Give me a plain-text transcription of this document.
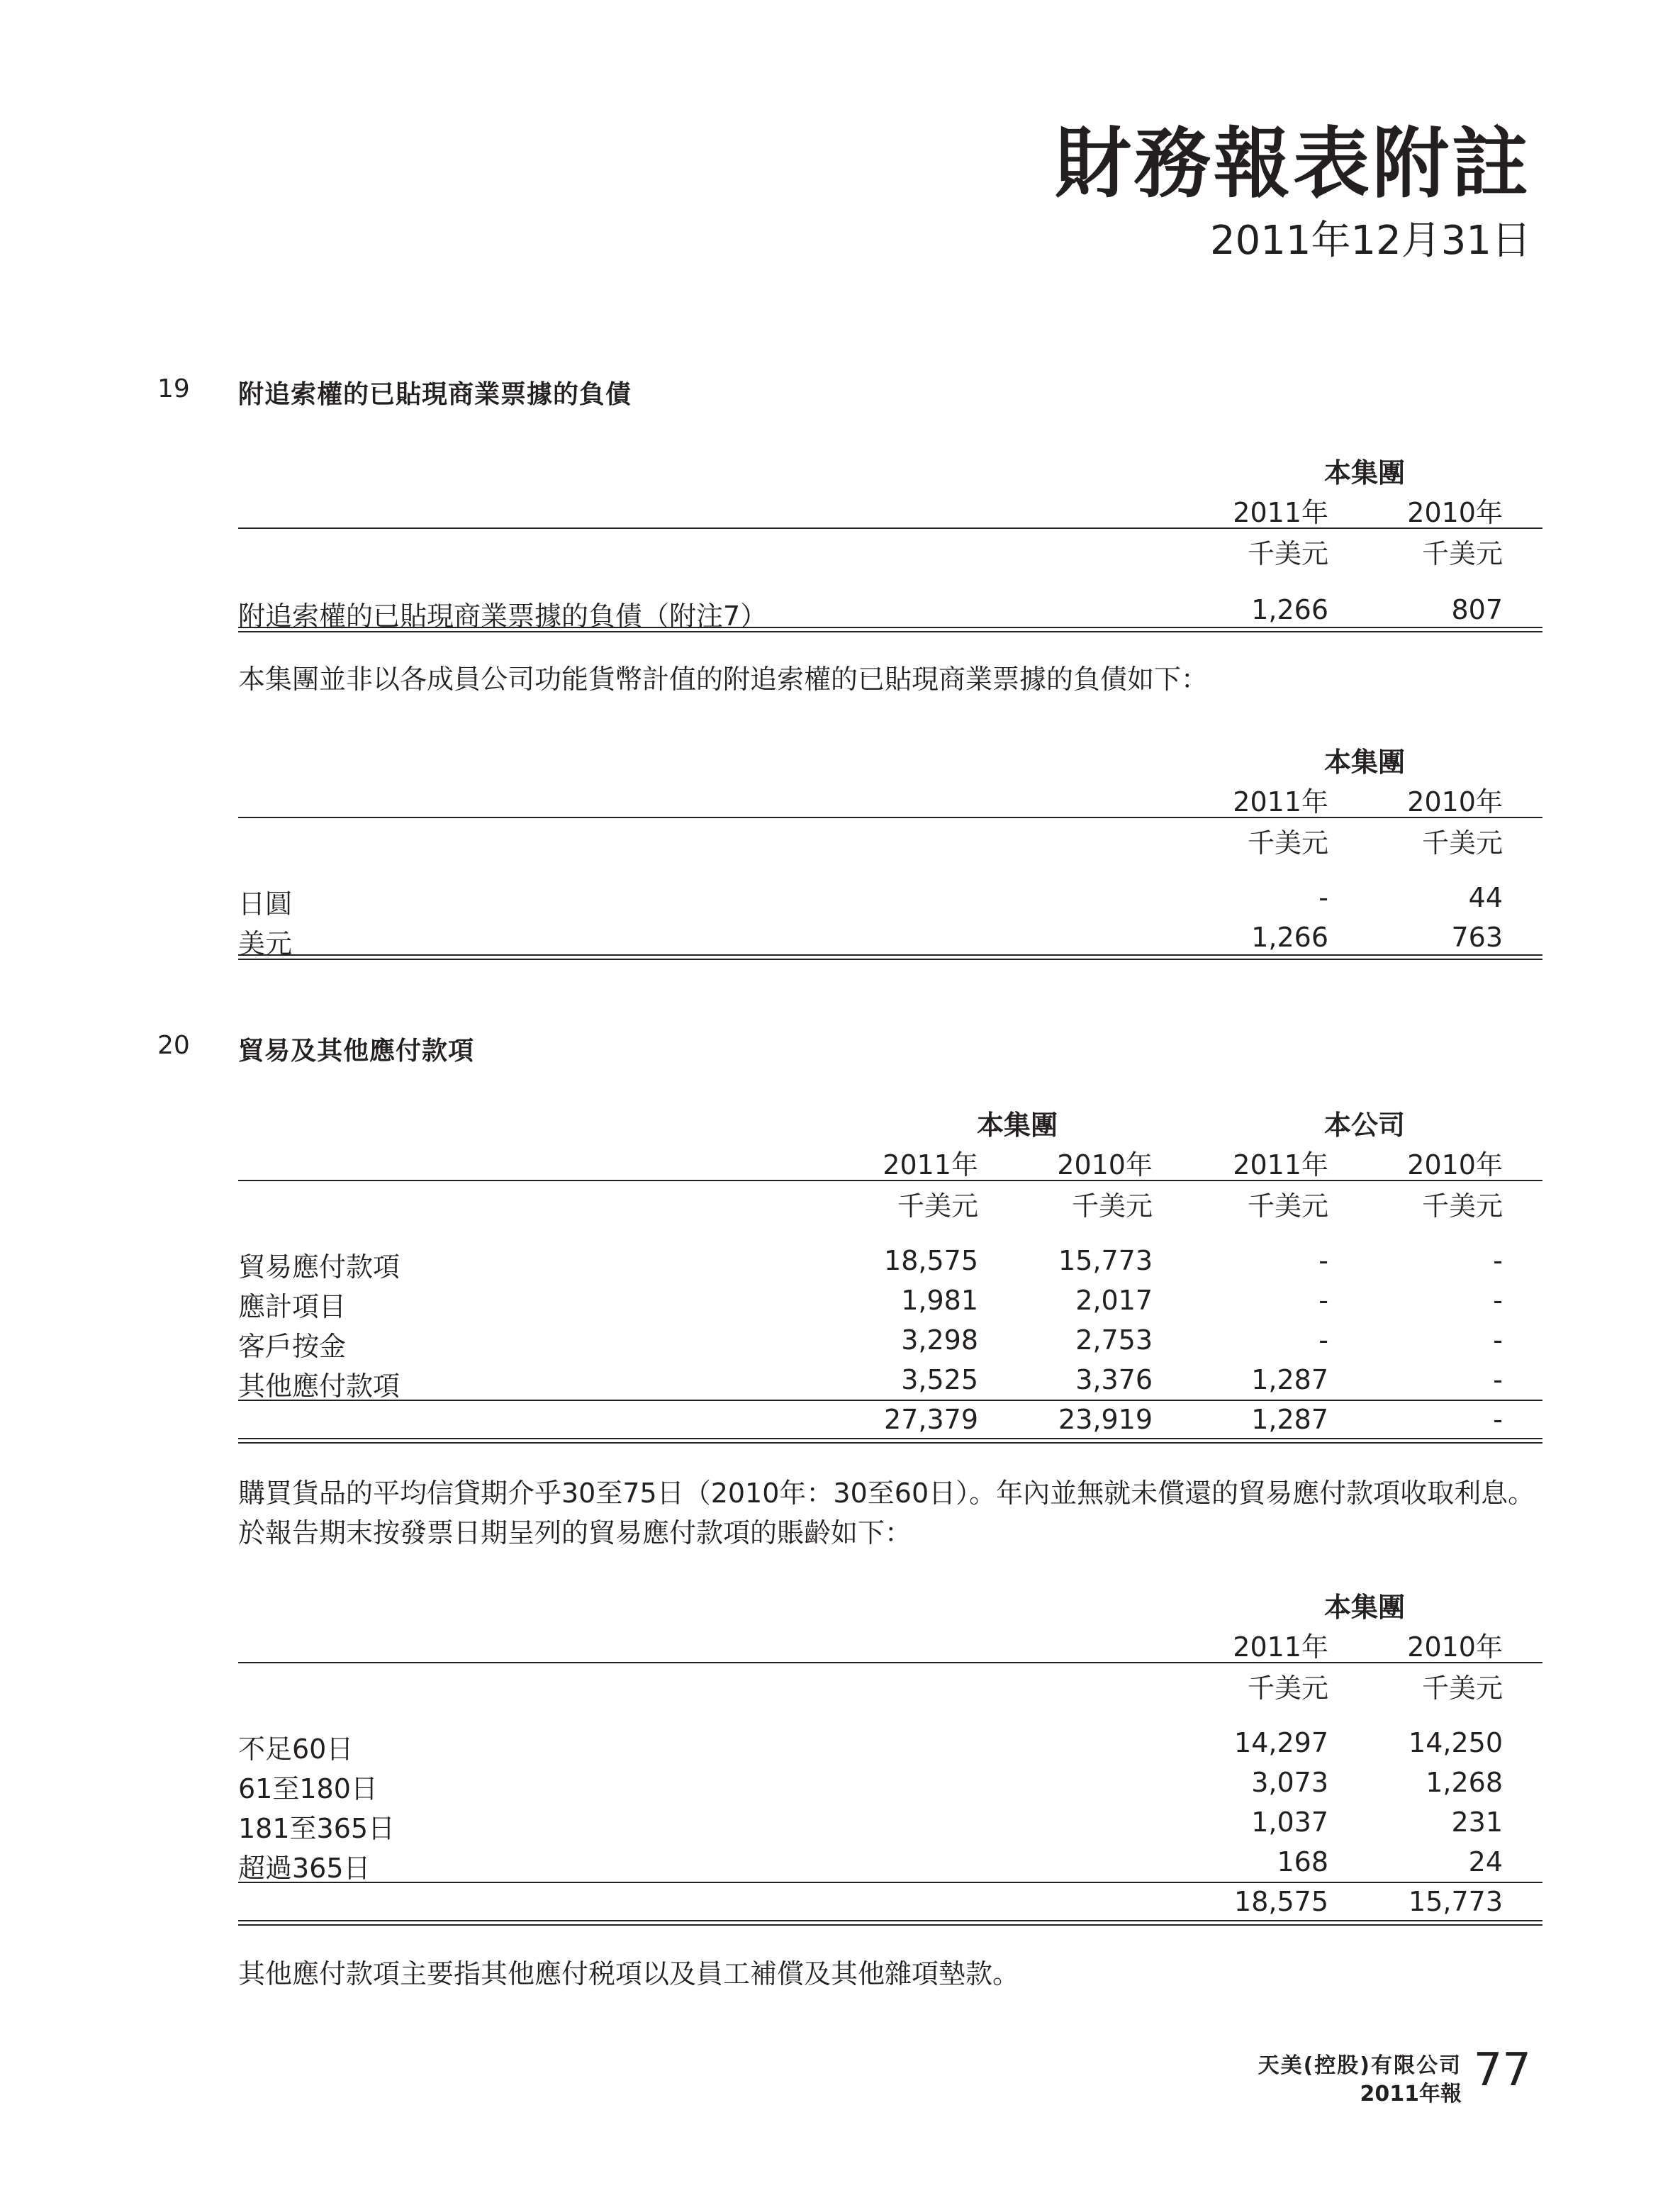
財務報表附註
2011年12月31日
19 附追索權的已貼現商業票據的負債
本集團
2011年	2010年
千美元	千美元
附追索權的已貼現商業票據的負債（附注7）	1,266	807
本集團並非以各成員公司功能貨幣計值的附追索權的已貼現商業票據的負債如下：
本集團
2011年	2010年
千美元	千美元
日圓	-	44
美元	1,266	763
20 貿易及其他應付款項
本集團	本公司
2011年	2010年	2011年	2010年
千美元	千美元	千美元	千美元
貿易應付款項	18,575	15,773	-	-
應計項目	1,981	2,017	-	-
客戶按金	3,298	2,753	-	-
其他應付款項	3,525	3,376	1,287	-
27,379	23,919	1,287	-
購買貨品的平均信貸期介乎30至75日（2010年：30至60日）。年內並無就未償還的貿易應付款項收取利息。於報告期末按發票日期呈列的貿易應付款項的賬齡如下：
本集團
2011年	2010年
千美元	千美元
不足60日	14,297	14,250
61至180日	3,073	1,268
181至365日	1,037	231
超過365日	168	24
18,575	15,773
其他應付款項主要指其他應付税項以及員工補償及其他雜項墊款。
天美(控股)有限公司
2011年報 77
